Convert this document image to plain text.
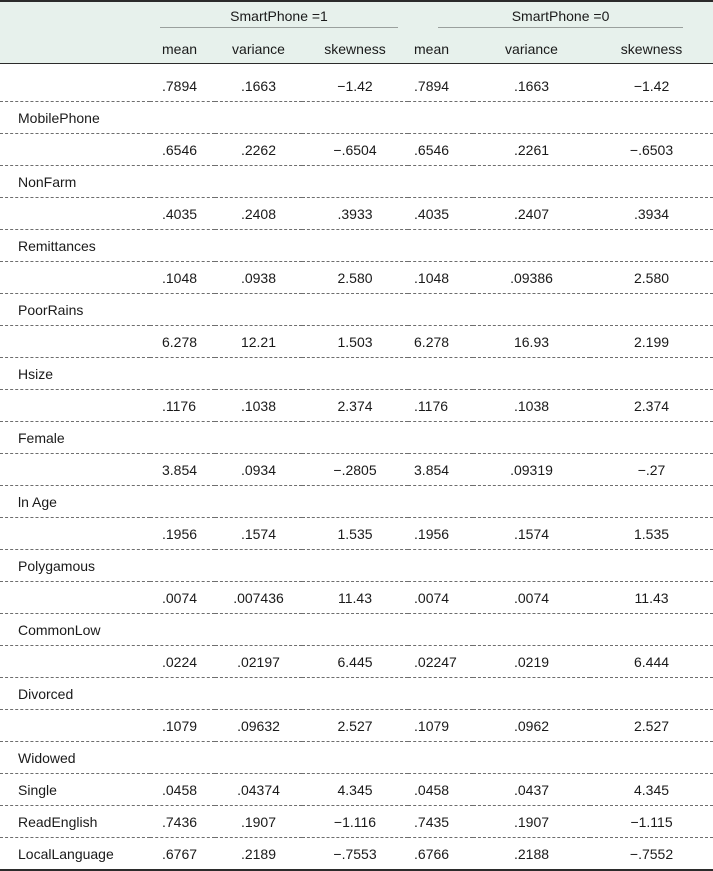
	SmartPhone =1			SmartPhone =0		
	mean	variance	skewness	mean	variance	skewness

	.7894	.1663	−1.42	.7894	.1663	−1.42
MobilePhone						
	.6546	.2262	−.6504	.6546	.2261	−.6503
NonFarm						
	.4035	.2408	.3933	.4035	.2407	.3934
Remittances						
	.1048	.0938	2.580	.1048	.09386	2.580
PoorRains						
	6.278	12.21	1.503	6.278	16.93	2.199
Hsize						
	.1176	.1038	2.374	.1176	.1038	2.374
Female						
	3.854	.0934	−.2805	3.854	.09319	−.27
ln Age						
	.1956	.1574	1.535	.1956	.1574	1.535
Polygamous						
	.0074	.007436	11.43	.0074	.0074	11.43
CommonLow						
	.0224	.02197	6.445	.02247	.0219	6.444
Divorced						
	.1079	.09632	2.527	.1079	.0962	2.527
Widowed						
Single	.0458	.04374	4.345	.0458	.0437	4.345
ReadEnglish	.7436	.1907	−1.116	.7435	.1907	−1.115
LocalLanguage	.6767	.2189	−.7553	.6766	.2188	−.7552
